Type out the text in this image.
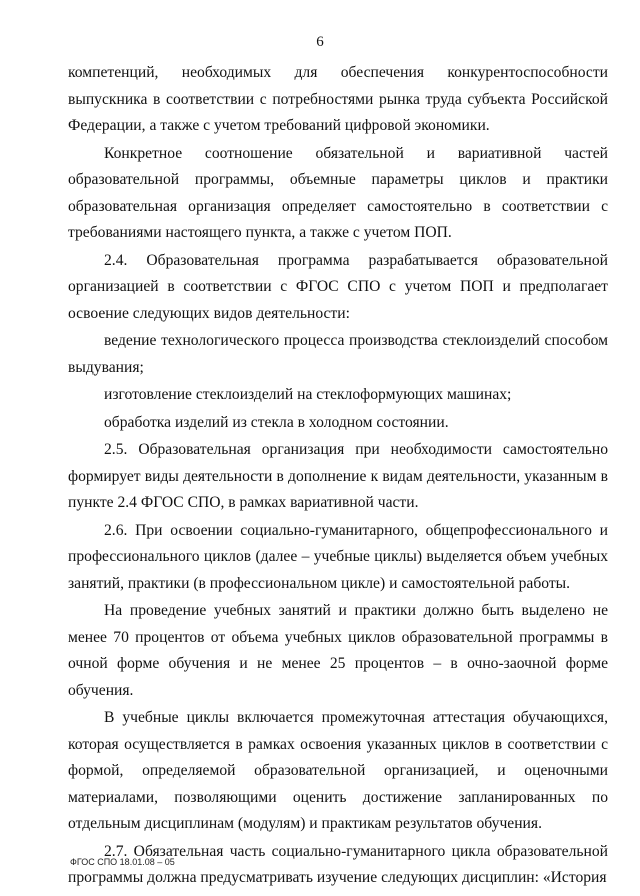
6

компетенций, необходимых для обеспечения конкурентоспособности выпускника в соответствии с потребностями рынка труда субъекта Российской Федерации, а также с учетом требований цифровой экономики.

Конкретное соотношение обязательной и вариативной частей образовательной программы, объемные параметры циклов и практики образовательная организация определяет самостоятельно в соответствии с требованиями настоящего пункта, а также с учетом ПОП.

2.4. Образовательная программа разрабатывается образовательной организацией в соответствии с ФГОС СПО с учетом ПОП и предполагает освоение следующих видов деятельности:

ведение технологического процесса производства стеклоизделий способом выдувания;

изготовление стеклоизделий на стеклоформующих машинах;

обработка изделий из стекла в холодном состоянии.

2.5. Образовательная организация при необходимости самостоятельно формирует виды деятельности в дополнение к видам деятельности, указанным в пункте 2.4 ФГОС СПО, в рамках вариативной части.

2.6. При освоении социально-гуманитарного, общепрофессионального и профессионального циклов (далее – учебные циклы) выделяется объем учебных занятий, практики (в профессиональном цикле) и самостоятельной работы.

На проведение учебных занятий и практики должно быть выделено не менее 70 процентов от объема учебных циклов образовательной программы в очной форме обучения и не менее 25 процентов – в очно-заочной форме обучения.

В учебные циклы включается промежуточная аттестация обучающихся, которая осуществляется в рамках освоения указанных циклов в соответствии с формой, определяемой образовательной организацией, и оценочными материалами, позволяющими оценить достижение запланированных по отдельным дисциплинам (модулям) и практикам результатов обучения.

2.7. Обязательная часть социально-гуманитарного цикла образовательной программы должна предусматривать изучение следующих дисциплин: «История

ФГОС СПО 18.01.08 – 05
